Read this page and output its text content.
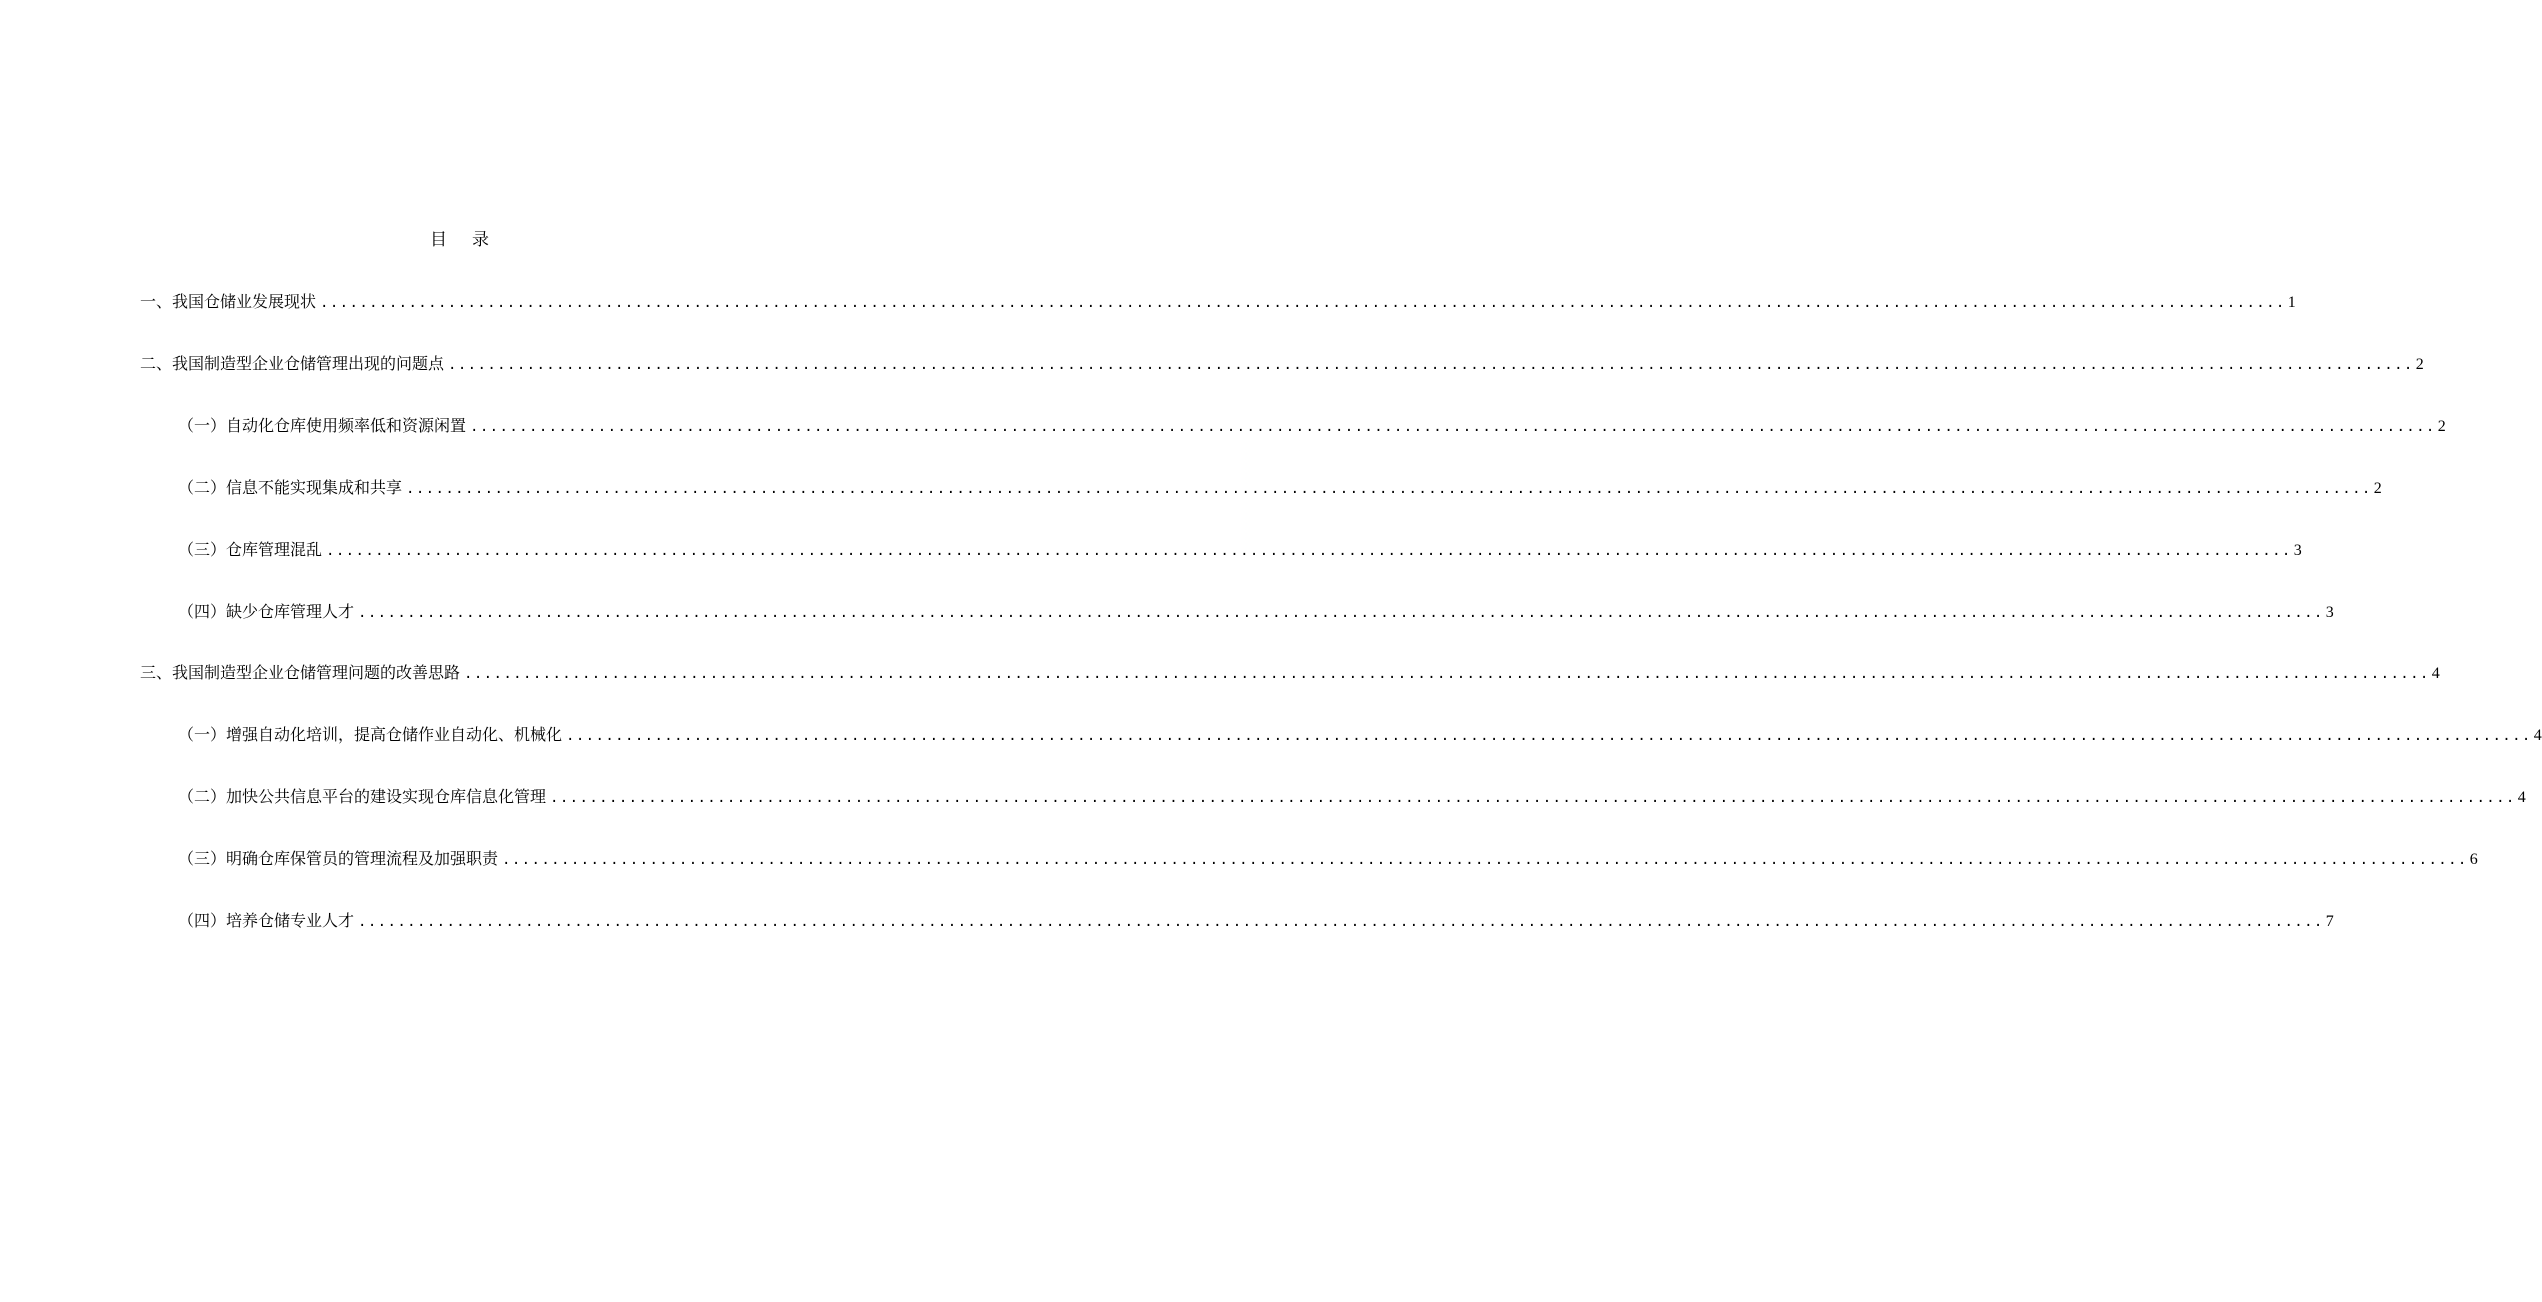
目 录
一、我国仓储业发展现状 ........................................................................................................................................................................................................ 1
二、我国制造型企业仓储管理出现的问题点 ........................................................................................................................................................................................................ 2
（一）自动化仓库使用频率低和资源闲置 ........................................................................................................................................................................................................ 2
（二）信息不能实现集成和共享 ........................................................................................................................................................................................................ 2
（三）仓库管理混乱 ........................................................................................................................................................................................................ 3
（四）缺少仓库管理人才 ........................................................................................................................................................................................................ 3
三、我国制造型企业仓储管理问题的改善思路 ........................................................................................................................................................................................................ 4
（一）增强自动化培训，提高仓储作业自动化、机械化 ........................................................................................................................................................................................................ 4
（二）加快公共信息平台的建设实现仓库信息化管理 ........................................................................................................................................................................................................ 4
（三）明确仓库保管员的管理流程及加强职责 ........................................................................................................................................................................................................ 6
（四）培养仓储专业人才 ........................................................................................................................................................................................................ 7
